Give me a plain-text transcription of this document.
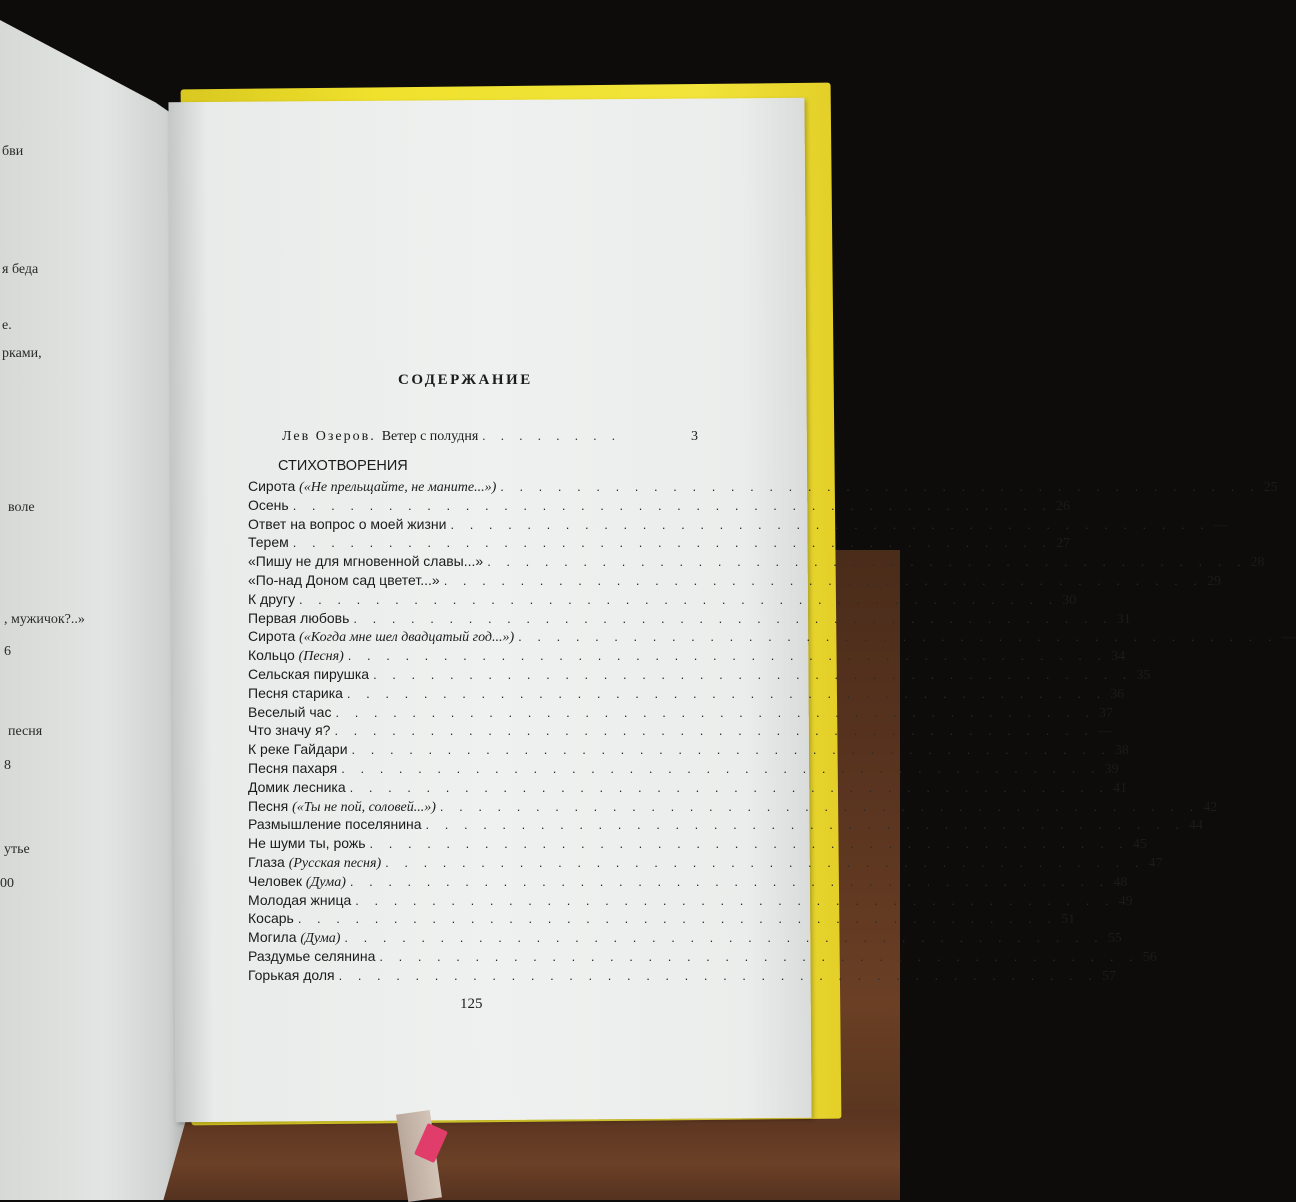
бви
я беда
е.
рками,
воле
, мужичок?..»
6
песня
8
утье
00
СОДЕРЖАНИЕ
Лев Озеров. Ветер с полудня . . . . . . . .	3
СТИХОТВОРЕНИЯ
Сирота («Не прельщайте, не маните...») . . . . . . . . . . . . . . . . . . . . . . . . . . . . . . . . . . . . . . . . 25
Осень . . . . . . . . . . . . . . . . . . . . . . . . . . . . . . . . . . . . . . . . 26
Ответ на вопрос о моей жизни . . . . . . . . . . . . . . . . . . . . . . . . . . . . . . . . . . . . . . . . —
Терем . . . . . . . . . . . . . . . . . . . . . . . . . . . . . . . . . . . . . . . . 27
«Пишу не для мгновенной славы...» . . . . . . . . . . . . . . . . . . . . . . . . . . . . . . . . . . . . . . . . 28
«По-над Доном сад цветет...» . . . . . . . . . . . . . . . . . . . . . . . . . . . . . . . . . . . . . . . . 29
К другу . . . . . . . . . . . . . . . . . . . . . . . . . . . . . . . . . . . . . . . . 30
Первая любовь . . . . . . . . . . . . . . . . . . . . . . . . . . . . . . . . . . . . . . . . 31
Сирота («Когда мне шел двадцатый год...») . . . . . . . . . . . . . . . . . . . . . . . . . . . . . . . . . . . . . . . . —
Кольцо (Песня) . . . . . . . . . . . . . . . . . . . . . . . . . . . . . . . . . . . . . . . . 34
Сельская пирушка . . . . . . . . . . . . . . . . . . . . . . . . . . . . . . . . . . . . . . . . 35
Песня старика . . . . . . . . . . . . . . . . . . . . . . . . . . . . . . . . . . . . . . . . 36
Веселый час . . . . . . . . . . . . . . . . . . . . . . . . . . . . . . . . . . . . . . . . 37
Что значу я? . . . . . . . . . . . . . . . . . . . . . . . . . . . . . . . . . . . . . . . . —
К реке Гайдари . . . . . . . . . . . . . . . . . . . . . . . . . . . . . . . . . . . . . . . . 38
Песня пахаря . . . . . . . . . . . . . . . . . . . . . . . . . . . . . . . . . . . . . . . . 39
Домик лесника . . . . . . . . . . . . . . . . . . . . . . . . . . . . . . . . . . . . . . . . 41
Песня («Ты не пой, соловей...») . . . . . . . . . . . . . . . . . . . . . . . . . . . . . . . . . . . . . . . . 42
Размышление поселянина . . . . . . . . . . . . . . . . . . . . . . . . . . . . . . . . . . . . . . . . 44
Не шуми ты, рожь . . . . . . . . . . . . . . . . . . . . . . . . . . . . . . . . . . . . . . . . 45
Глаза (Русская песня) . . . . . . . . . . . . . . . . . . . . . . . . . . . . . . . . . . . . . . . . 47
Человек (Дума) . . . . . . . . . . . . . . . . . . . . . . . . . . . . . . . . . . . . . . . . 48
Молодая жница . . . . . . . . . . . . . . . . . . . . . . . . . . . . . . . . . . . . . . . . 49
Косарь . . . . . . . . . . . . . . . . . . . . . . . . . . . . . . . . . . . . . . . . 51
Могила (Дума) . . . . . . . . . . . . . . . . . . . . . . . . . . . . . . . . . . . . . . . . 55
Раздумье селянина . . . . . . . . . . . . . . . . . . . . . . . . . . . . . . . . . . . . . . . . 56
Горькая доля . . . . . . . . . . . . . . . . . . . . . . . . . . . . . . . . . . . . . . . . 57
125
